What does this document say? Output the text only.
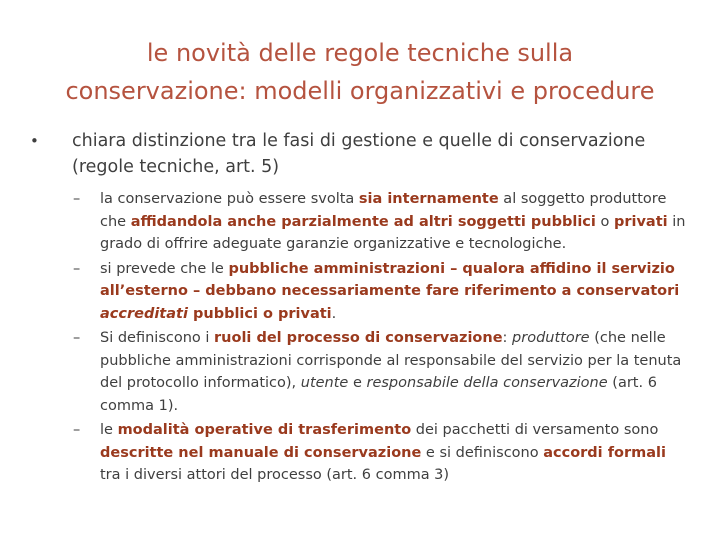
le novità delle regole tecniche sulla
conservazione: modelli organizzativi e procedure
•	chiara distinzione tra le fasi di gestione e quelle di conservazione (regole tecniche, art. 5)
–	la conservazione può essere svolta sia internamente al soggetto produttore che affidandola anche parzialmente ad altri soggetti pubblici o privati in grado di offrire adeguate garanzie organizzative e tecnologiche.
–	si prevede che le pubbliche amministrazioni – qualora affidino il servizio all’esterno – debbano necessariamente fare riferimento a conservatori accreditati pubblici o privati.
–	Si definiscono i ruoli del processo di conservazione: produttore (che nelle pubbliche amministrazioni corrisponde al responsabile del servizio per la tenuta del protocollo informatico), utente e responsabile della conservazione (art. 6 comma 1).
–	le modalità operative di trasferimento dei pacchetti di versamento sono descritte nel manuale di conservazione e si definiscono accordi formali tra i diversi attori del processo (art. 6 comma 3)
